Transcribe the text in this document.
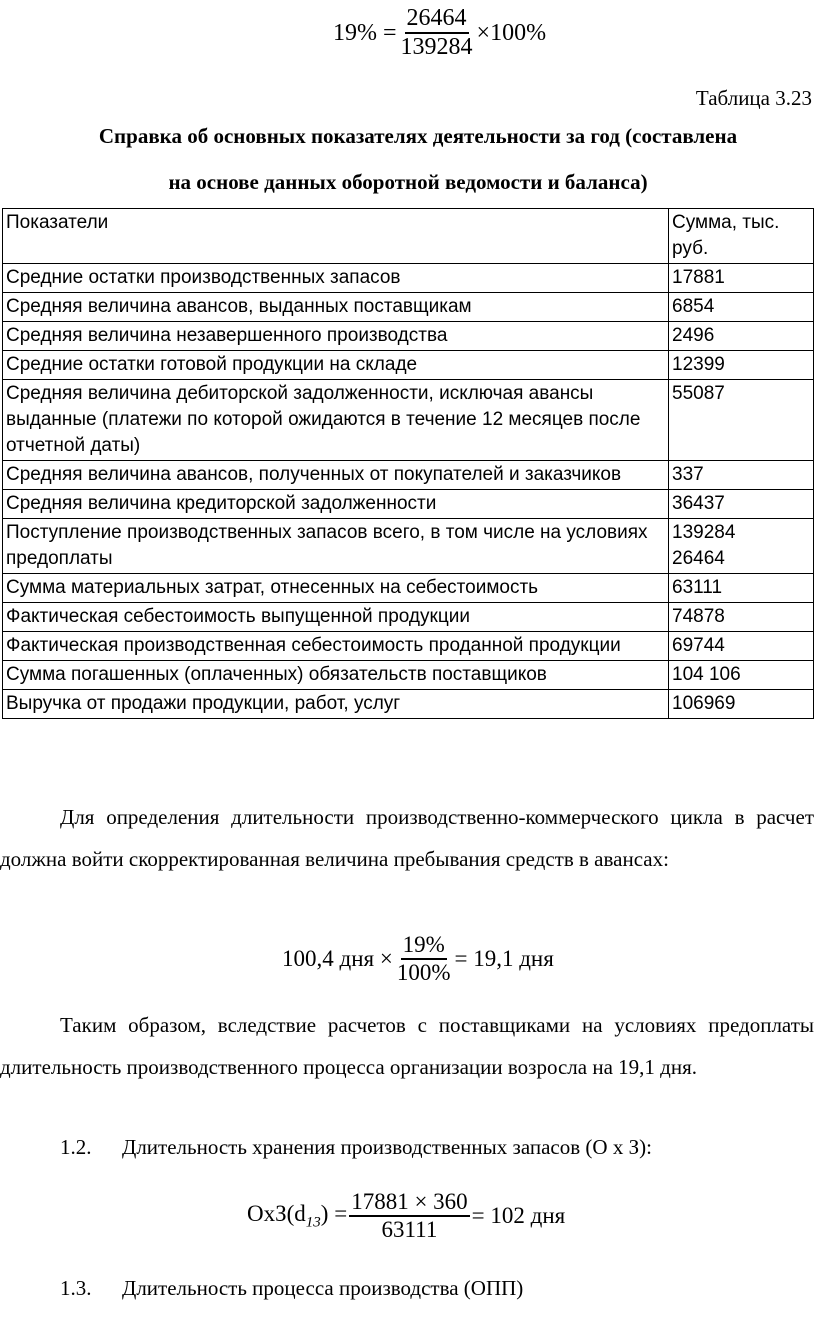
$19\% = \frac{26464}{139284} \times 100\%$
Таблица 3.23
Справка об основных показателях деятельности за год (составлена
на основе данных оборотной ведомости и баланса)
Показатели	Сумма, тыс. руб.
Средние остатки производственных запасов	17881
Средняя величина авансов, выданных поставщикам	6854
Средняя величина незавершенного производства	2496
Средние остатки готовой продукции на складе	12399
Средняя величина дебиторской задолженности, исключая авансы выданные (платежи по которой ожидаются в течение 12 месяцев после отчетной даты)	55087
Средняя величина авансов, полученных от покупателей и заказчиков	337
Средняя величина кредиторской задолженности	36437
Поступление производственных запасов всего, в том числе на условиях предоплаты	139284
26464

Сумма материальных затрат, отнесенных на себестоимость	63111
Фактическая себестоимость выпущенной продукции	74878
Фактическая производственная себестоимость проданной продукции	69744
Сумма погашенных (оплаченных) обязательств поставщиков	104 106
Выручка от продажи продукции, работ, услуг	106969
Для определения длительности производственно-коммерческого цикла в расчет должна войти скорректированная величина пребывания средств в авансах:
100,4 дня × $\frac{19\%}{100\%} = 19,1$ дня
Таким образом, вследствие расчетов с поставщиками на условиях предоплаты длительность производственного процесса организации возросла на 19,1 дня.
1.2. Длительность хранения производственных запасов (О х З):
$ОхЗ(d_{13}) = \frac{17881 \times 360}{63111} = 102$ дня
1.3. Длительность процесса производства (ОПП)
